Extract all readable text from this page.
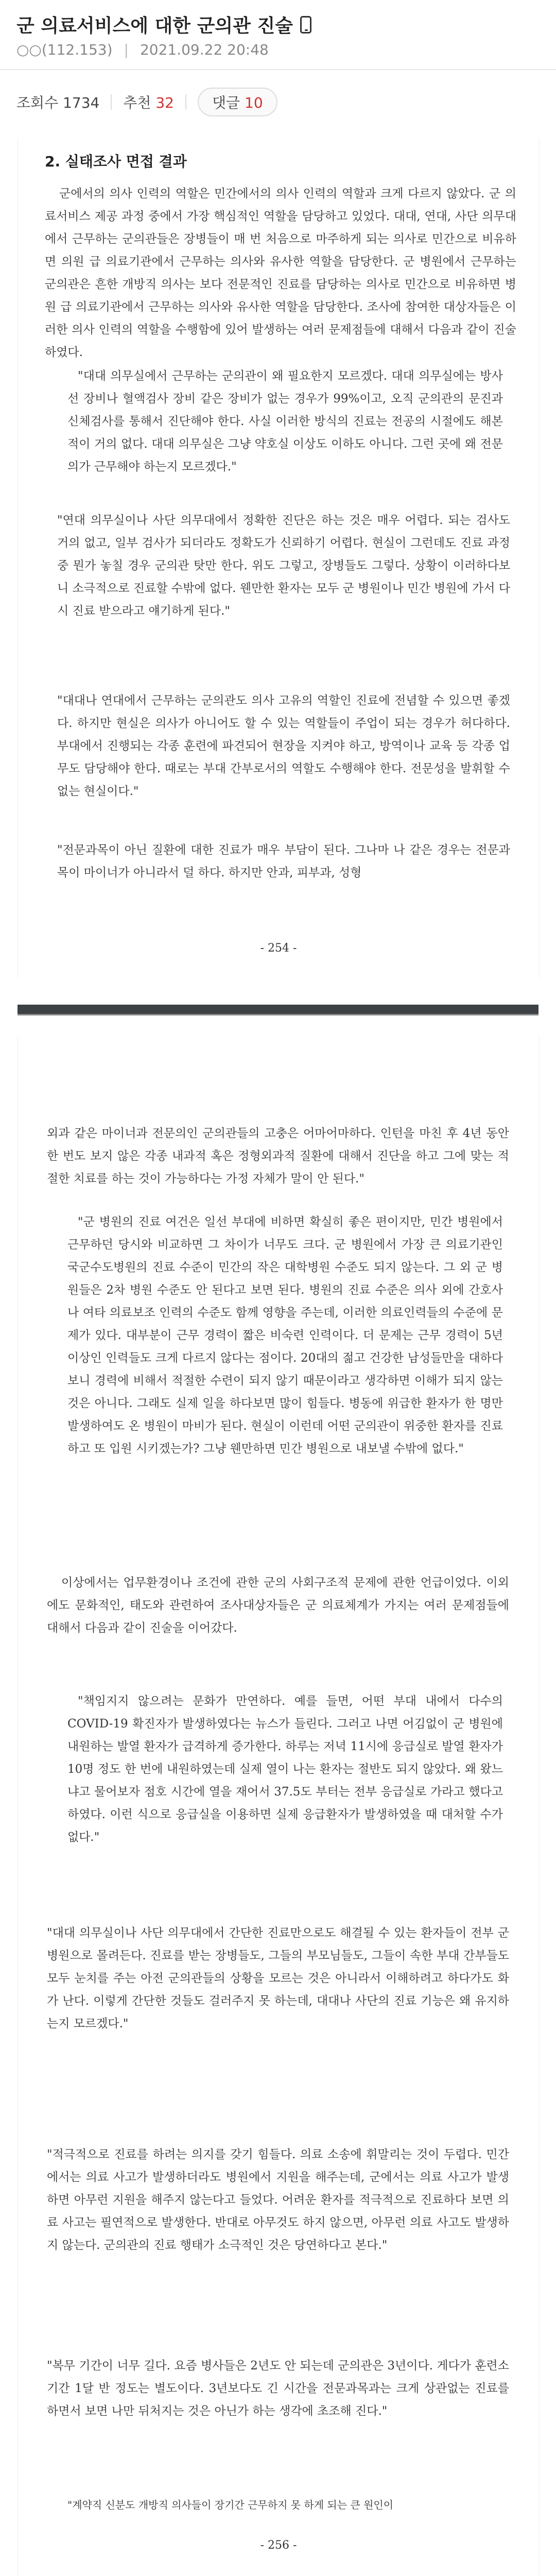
군 의료서비스에 대한 군의관 진술
○○(112.153) | 2021.09.22 20:48
조회수 1734 추천 32	댓글 10
2. 실태조사 면접 결과
군에서의 의사 인력의 역할은 민간에서의 의사 인력의 역할과 크게 다르지 않았다. 군 의료서비스 제공 과정 중에서 가장 핵심적인 역할을 담당하고 있었다. 대대, 연대, 사단 의무대에서 근무하는 군의관들은 장병들이 매 번 처음으로 마주하게 되는 의사로 민간으로 비유하면 의원 급 의료기관에서 근무하는 의사와 유사한 역할을 담당한다. 군 병원에서 근무하는 군의관은 흔한 개방직 의사는 보다 전문적인 진료를 담당하는 의사로 민간으로 비유하면 병원 급 의료기관에서 근무하는 의사와 유사한 역할을 담당한다. 조사에 참여한 대상자들은 이러한 의사 인력의 역할을 수행함에 있어 발생하는 여러 문제점들에 대해서 다음과 같이 진술하였다.
"대대 의무실에서 근무하는 군의관이 왜 필요한지 모르겠다. 대대 의무실에는 방사선 장비나 혈액검사 장비 같은 장비가 없는 경우가 99%이고, 오직 군의관의 문진과 신체검사를 통해서 진단해야 한다. 사실 이러한 방식의 진료는 전공의 시절에도 해본 적이 거의 없다. 대대 의무실은 그냥 약호실 이상도 이하도 아니다. 그런 곳에 왜 전문의가 근무해야 하는지 모르겠다."
"연대 의무실이나 사단 의무대에서 정확한 진단은 하는 것은 매우 어렵다. 되는 검사도 거의 없고, 일부 검사가 되더라도 정확도가 신뢰하기 어렵다. 현실이 그런데도 진료 과정 중 뭔가 놓칠 경우 군의관 탓만 한다. 위도 그렇고, 장병들도 그렇다. 상황이 이러하다보니 소극적으로 진료할 수밖에 없다. 웬만한 환자는 모두 군 병원이나 민간 병원에 가서 다시 진료 받으라고 얘기하게 된다."
"대대나 연대에서 근무하는 군의관도 의사 고유의 역할인 진료에 전념할 수 있으면 좋겠다. 하지만 현실은 의사가 아니어도 할 수 있는 역할들이 주업이 되는 경우가 허다하다. 부대에서 진행되는 각종 훈련에 파견되어 현장을 지켜야 하고, 방역이나 교육 등 각종 업무도 담당해야 한다. 때로는 부대 간부로서의 역할도 수행해야 한다. 전문성을 발휘할 수 없는 현실이다."
"전문과목이 아닌 질환에 대한 진료가 매우 부담이 된다. 그나마 나 같은 경우는 전문과목이 마이너가 아니라서 덜 하다. 하지만 안과, 피부과, 성형
- 254 -
외과 같은 마이너과 전문의인 군의관들의 고충은 어마어마하다. 인턴을 마친 후 4년 동안 한 번도 보지 않은 각종 내과적 혹은 정형외과적 질환에 대해서 진단을 하고 그에 맞는 적절한 치료를 하는 것이 가능하다는 가정 자체가 말이 안 된다."
"군 병원의 진료 여건은 일선 부대에 비하면 확실히 좋은 편이지만, 민간 병원에서 근무하던 당시와 비교하면 그 차이가 너무도 크다. 군 병원에서 가장 큰 의료기관인 국군수도병원의 진료 수준이 민간의 작은 대학병원 수준도 되지 않는다. 그 외 군 병원들은 2차 병원 수준도 안 된다고 보면 된다. 병원의 진료 수준은 의사 외에 간호사나 여타 의료보조 인력의 수준도 함께 영향을 주는데, 이러한 의료인력들의 수준에 문제가 있다. 대부분이 근무 경력이 짧은 비숙련 인력이다. 더 문제는 근무 경력이 5년 이상인 인력들도 크게 다르지 않다는 점이다. 20대의 젊고 건강한 남성들만을 대하다보니 경력에 비해서 적절한 수련이 되지 않기 때문이라고 생각하면 이해가 되지 않는 것은 아니다. 그래도 실제 일을 하다보면 많이 힘들다. 병동에 위급한 환자가 한 명만 발생하여도 온 병원이 마비가 된다. 현실이 이런데 어떤 군의관이 위중한 환자를 진료하고 또 입원 시키겠는가? 그냥 웬만하면 민간 병원으로 내보낼 수밖에 없다."
이상에서는 업무환경이나 조건에 관한 군의 사회구조적 문제에 관한 언급이었다. 이외에도 문화적인, 태도와 관련하여 조사대상자들은 군 의료체계가 가지는 여러 문제점들에 대해서 다음과 같이 진술을 이어갔다.
"책임지지 않으려는 문화가 만연하다. 예를 들면, 어떤 부대 내에서 다수의 COVID-19 확진자가 발생하였다는 뉴스가 들린다. 그러고 나면 어김없이 군 병원에 내원하는 발열 환자가 급격하게 증가한다. 하루는 저녁 11시에 응급실로 발열 환자가 10명 정도 한 번에 내원하였는데 실제 열이 나는 환자는 절반도 되지 않았다. 왜 왔느냐고 물어보자 점호 시간에 열을 재어서 37.5도 부터는 전부 응급실로 가라고 했다고 하였다. 이런 식으로 응급실을 이용하면 실제 응급환자가 발생하였을 때 대처할 수가 없다."
"대대 의무실이나 사단 의무대에서 간단한 진료만으로도 해결될 수 있는 환자들이 전부 군 병원으로 몰려든다. 진료를 받는 장병들도, 그들의 부모님들도, 그들이 속한 부대 간부들도 모두 눈치를 주는 아전 군의관들의 상황을 모르는 것은 아니라서 이해하려고 하다가도 화가 난다. 이렇게 간단한 것들도 걸러주지 못 하는데, 대대나 사단의 진료 기능은 왜 유지하는지 모르겠다."
"적극적으로 진료를 하려는 의지를 갖기 힘들다. 의료 소송에 휘말리는 것이 두렵다. 민간에서는 의료 사고가 발생하더라도 병원에서 지원을 해주는데, 군에서는 의료 사고가 발생하면 아무런 지원을 해주지 않는다고 들었다. 어려운 환자를 적극적으로 진료하다 보면 의료 사고는 필연적으로 발생한다. 반대로 아무것도 하지 않으면, 아무런 의료 사고도 발생하지 않는다. 군의관의 진료 행태가 소극적인 것은 당연하다고 본다."
"복무 기간이 너무 길다. 요즘 병사들은 2년도 안 되는데 군의관은 3년이다. 게다가 훈련소 기간 1달 반 정도는 별도이다. 3년보다도 긴 시간을 전문과목과는 크게 상관없는 진료를 하면서 보면 나만 뒤처지는 것은 아닌가 하는 생각에 초조해 진다."
"계약직 신분도 개방직 의사들이 장기간 근무하지 못 하게 되는 큰 원인이
- 256 -
